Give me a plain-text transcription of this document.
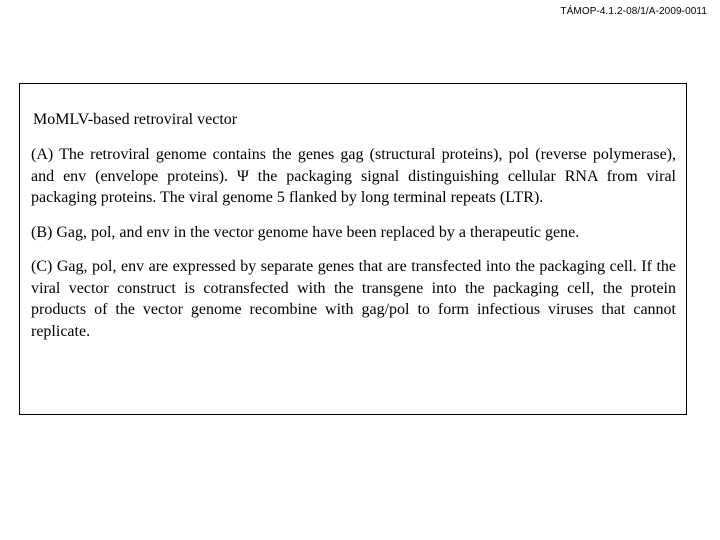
TÁMOP-4.1.2-08/1/A-2009-0011

MoMLV-based retroviral vector

(A) The retroviral genome contains the genes gag (structural proteins), pol (reverse polymerase), and env (envelope proteins). Ψ the packaging signal distinguishing cellular RNA from viral packaging proteins. The viral genome 5 flanked by long terminal repeats (LTR).

(B) Gag, pol, and env in the vector genome have been replaced by a therapeutic gene.

(C) Gag, pol, env are expressed by separate genes that are transfected into the packaging cell. If the viral vector construct is cotransfected with the transgene into the packaging cell, the protein products of the vector genome recombine with gag/pol to form infectious viruses that cannot replicate.
